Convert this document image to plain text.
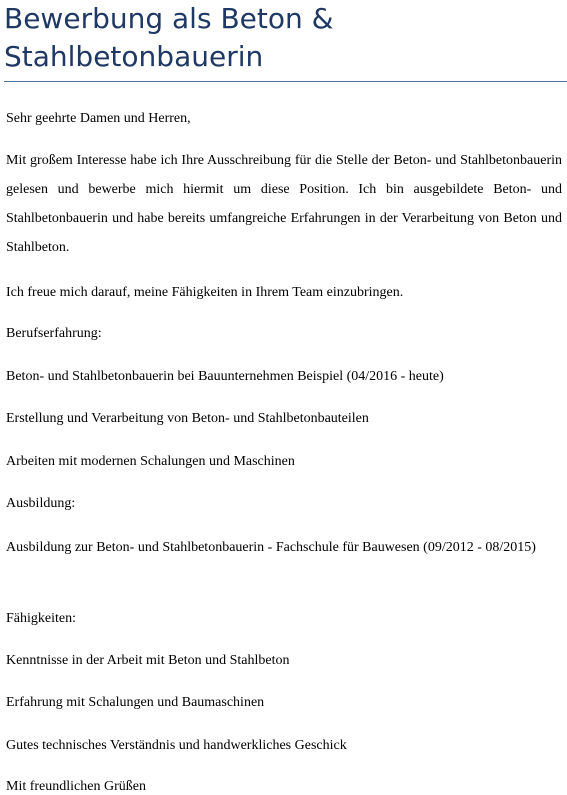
Bewerbung als Beton & Stahlbetonbauerin

Sehr geehrte Damen und Herren,

Mit großem Interesse habe ich Ihre Ausschreibung für die Stelle der Beton- und Stahlbetonbauerin gelesen und bewerbe mich hiermit um diese Position. Ich bin ausgebildete Beton- und Stahlbetonbauerin und habe bereits umfangreiche Erfahrungen in der Verarbeitung von Beton und Stahlbeton.

Ich freue mich darauf, meine Fähigkeiten in Ihrem Team einzubringen.

Berufserfahrung:

Beton- und Stahlbetonbauerin bei Bauunternehmen Beispiel (04/2016 - heute)

Erstellung und Verarbeitung von Beton- und Stahlbetonbauteilen

Arbeiten mit modernen Schalungen und Maschinen

Ausbildung:

Ausbildung zur Beton- und Stahlbetonbauerin - Fachschule für Bauwesen (09/2012 - 08/2015)

Fähigkeiten:

Kenntnisse in der Arbeit mit Beton und Stahlbeton

Erfahrung mit Schalungen und Baumaschinen

Gutes technisches Verständnis und handwerkliches Geschick

Mit freundlichen Grüßen
